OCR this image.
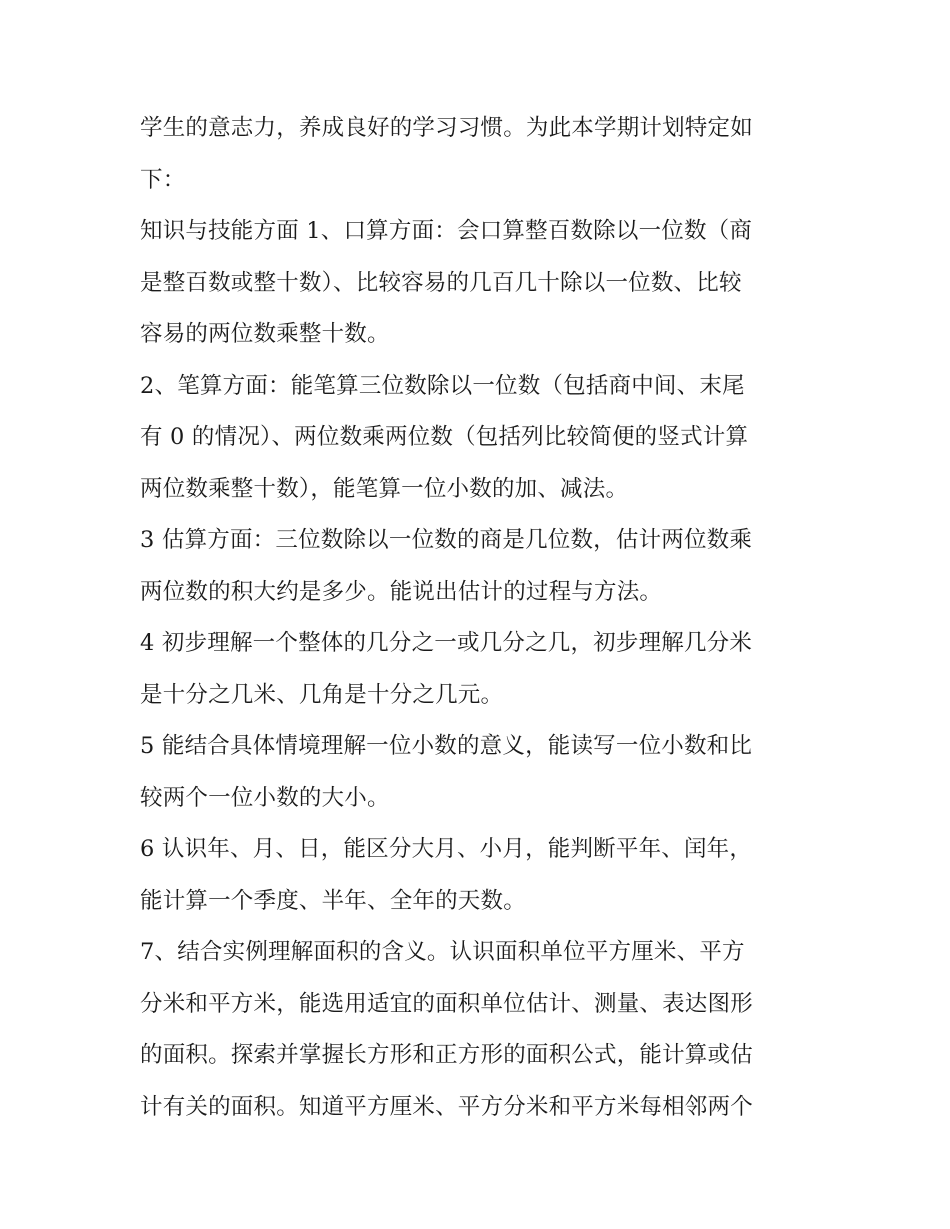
学生的意志力，养成良好的学习习惯。为此本学期计划特定如
下：
知识与技能方面 1、口算方面：会口算整百数除以一位数（商
是整百数或整十数）、比较容易的几百几十除以一位数、比较
容易的两位数乘整十数。
2、笔算方面：能笔算三位数除以一位数（包括商中间、末尾
有 0 的情况）、两位数乘两位数（包括列比较简便的竖式计算
两位数乘整十数），能笔算一位小数的加、减法。
3 估算方面：三位数除以一位数的商是几位数，估计两位数乘
两位数的积大约是多少。能说出估计的过程与方法。
4 初步理解一个整体的几分之一或几分之几，初步理解几分米
是十分之几米、几角是十分之几元。
5 能结合具体情境理解一位小数的意义，能读写一位小数和比
较两个一位小数的大小。
6 认识年、月、日，能区分大月、小月，能判断平年、闰年，
能计算一个季度、半年、全年的天数。
7、结合实例理解面积的含义。认识面积单位平方厘米、平方
分米和平方米，能选用适宜的面积单位估计、测量、表达图形
的面积。探索并掌握长方形和正方形的面积公式，能计算或估
计有关的面积。知道平方厘米、平方分米和平方米每相邻两个
